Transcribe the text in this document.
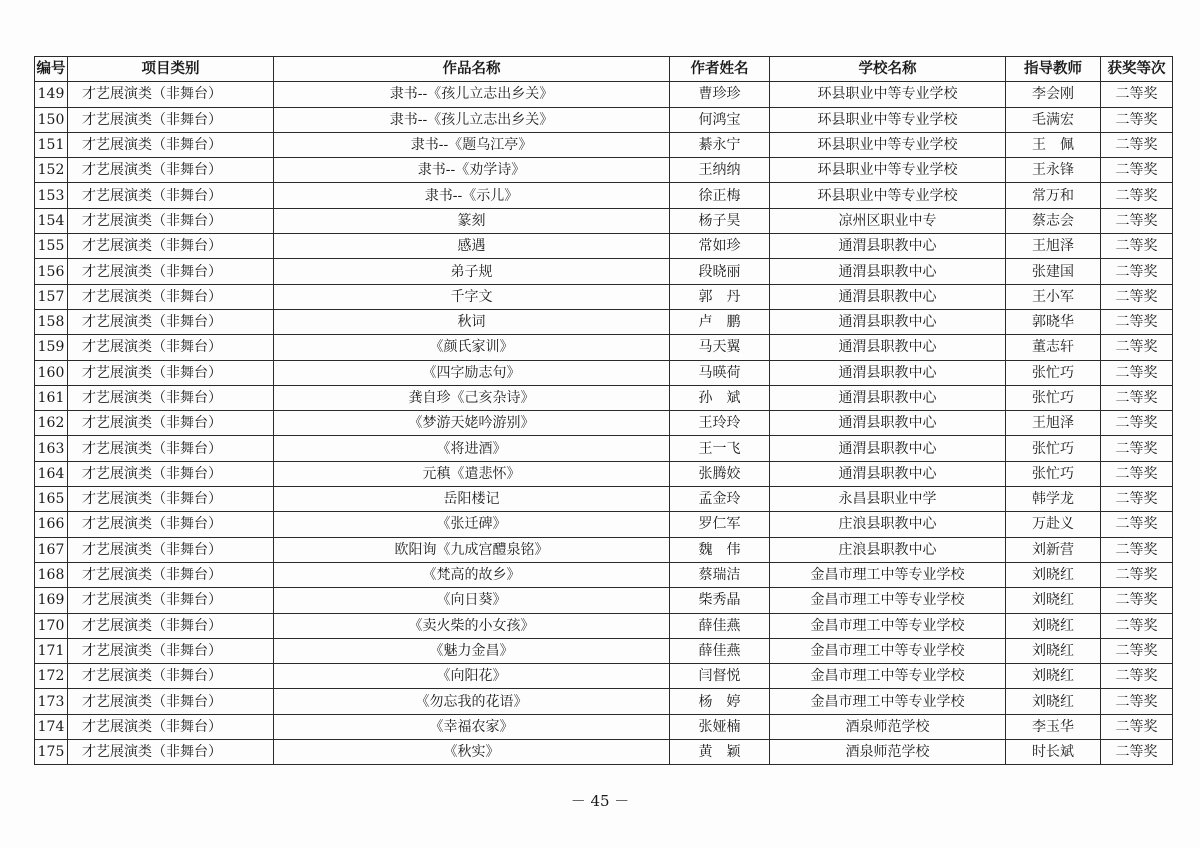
编号	项目类别	作品名称	作者姓名	学校名称	指导教师	获奖等次
149	才艺展演类（非舞台）	隶书--《孩儿立志出乡关》	曹珍珍	环县职业中等专业学校	李会刚	二等奖
150	才艺展演类（非舞台）	隶书--《孩儿立志出乡关》	何鸿宝	环县职业中等专业学校	毛满宏	二等奖
151	才艺展演类（非舞台）	隶书--《题乌江亭》	綦永宁	环县职业中等专业学校	王　佩	二等奖
152	才艺展演类（非舞台）	隶书--《劝学诗》	王纳纳	环县职业中等专业学校	王永锋	二等奖
153	才艺展演类（非舞台）	隶书--《示儿》	徐正梅	环县职业中等专业学校	常万和	二等奖
154	才艺展演类（非舞台）	篆刻	杨子昊	凉州区职业中专	蔡志会	二等奖
155	才艺展演类（非舞台）	感遇	常如珍	通渭县职教中心	王旭泽	二等奖
156	才艺展演类（非舞台）	弟子规	段晓丽	通渭县职教中心	张建国	二等奖
157	才艺展演类（非舞台）	千字文	郭　丹	通渭县职教中心	王小军	二等奖
158	才艺展演类（非舞台）	秋词	卢　鹏	通渭县职教中心	郭晓华	二等奖
159	才艺展演类（非舞台）	《颜氏家训》	马天翼	通渭县职教中心	董志轩	二等奖
160	才艺展演类（非舞台）	《四字励志句》	马暎荷	通渭县职教中心	张忙巧	二等奖
161	才艺展演类（非舞台）	龚自珍《己亥杂诗》	孙　斌	通渭县职教中心	张忙巧	二等奖
162	才艺展演类（非舞台）	《梦游天姥吟游别》	王玲玲	通渭县职教中心	王旭泽	二等奖
163	才艺展演类（非舞台）	《将进酒》	王一飞	通渭县职教中心	张忙巧	二等奖
164	才艺展演类（非舞台）	元稹《遣悲怀》	张腾姣	通渭县职教中心	张忙巧	二等奖
165	才艺展演类（非舞台）	岳阳楼记	孟金玲	永昌县职业中学	韩学龙	二等奖
166	才艺展演类（非舞台）	《张迁碑》	罗仁军	庄浪县职教中心	万赴义	二等奖
167	才艺展演类（非舞台）	欧阳询《九成宫醴泉铭》	魏　伟	庄浪县职教中心	刘新营	二等奖
168	才艺展演类（非舞台）	《梵高的故乡》	蔡瑞洁	金昌市理工中等专业学校	刘晓红	二等奖
169	才艺展演类（非舞台）	《向日葵》	柴秀晶	金昌市理工中等专业学校	刘晓红	二等奖
170	才艺展演类（非舞台）	《卖火柴的小女孩》	薛佳燕	金昌市理工中等专业学校	刘晓红	二等奖
171	才艺展演类（非舞台）	《魅力金昌》	薛佳燕	金昌市理工中等专业学校	刘晓红	二等奖
172	才艺展演类（非舞台）	《向阳花》	闫督悦	金昌市理工中等专业学校	刘晓红	二等奖
173	才艺展演类（非舞台）	《勿忘我的花语》	杨　婷	金昌市理工中等专业学校	刘晓红	二等奖
174	才艺展演类（非舞台）	《幸福农家》	张娅楠	酒泉师范学校	李玉华	二等奖
175	才艺展演类（非舞台）	《秋实》	黄　颖	酒泉师范学校	时长斌	二等奖
－ 45 －
